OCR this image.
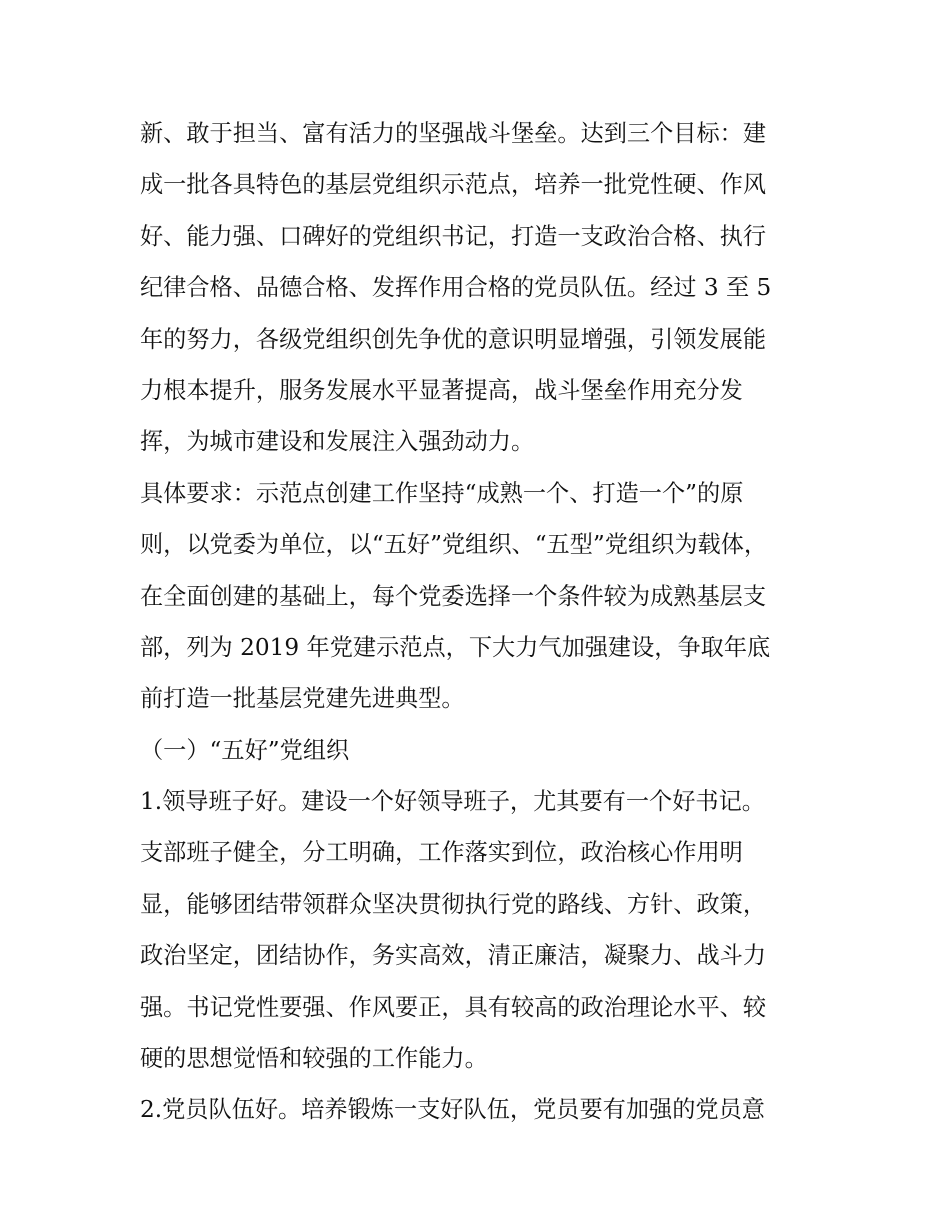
新、敢于担当、富有活力的坚强战斗堡垒。达到三个目标：建
成一批各具特色的基层党组织示范点，培养一批党性硬、作风
好、能力强、口碑好的党组织书记，打造一支政治合格、执行
纪律合格、品德合格、发挥作用合格的党员队伍。经过 3 至 5
年的努力，各级党组织创先争优的意识明显增强，引领发展能
力根本提升，服务发展水平显著提高，战斗堡垒作用充分发
挥，为城市建设和发展注入强劲动力。
具体要求：示范点创建工作坚持“成熟一个、打造一个”的原
则，以党委为单位，以“五好”党组织、“五型”党组织为载体，
在全面创建的基础上，每个党委选择一个条件较为成熟基层支
部，列为 2019 年党建示范点，下大力气加强建设，争取年底
前打造一批基层党建先进典型。
（一）“五好”党组织
1.领导班子好。建设一个好领导班子，尤其要有一个好书记。
支部班子健全，分工明确，工作落实到位，政治核心作用明
显，能够团结带领群众坚决贯彻执行党的路线、方针、政策，
政治坚定，团结协作，务实高效，清正廉洁，凝聚力、战斗力
强。书记党性要强、作风要正，具有较高的政治理论水平、较
硬的思想觉悟和较强的工作能力。
2.党员队伍好。培养锻炼一支好队伍，党员要有加强的党员意
